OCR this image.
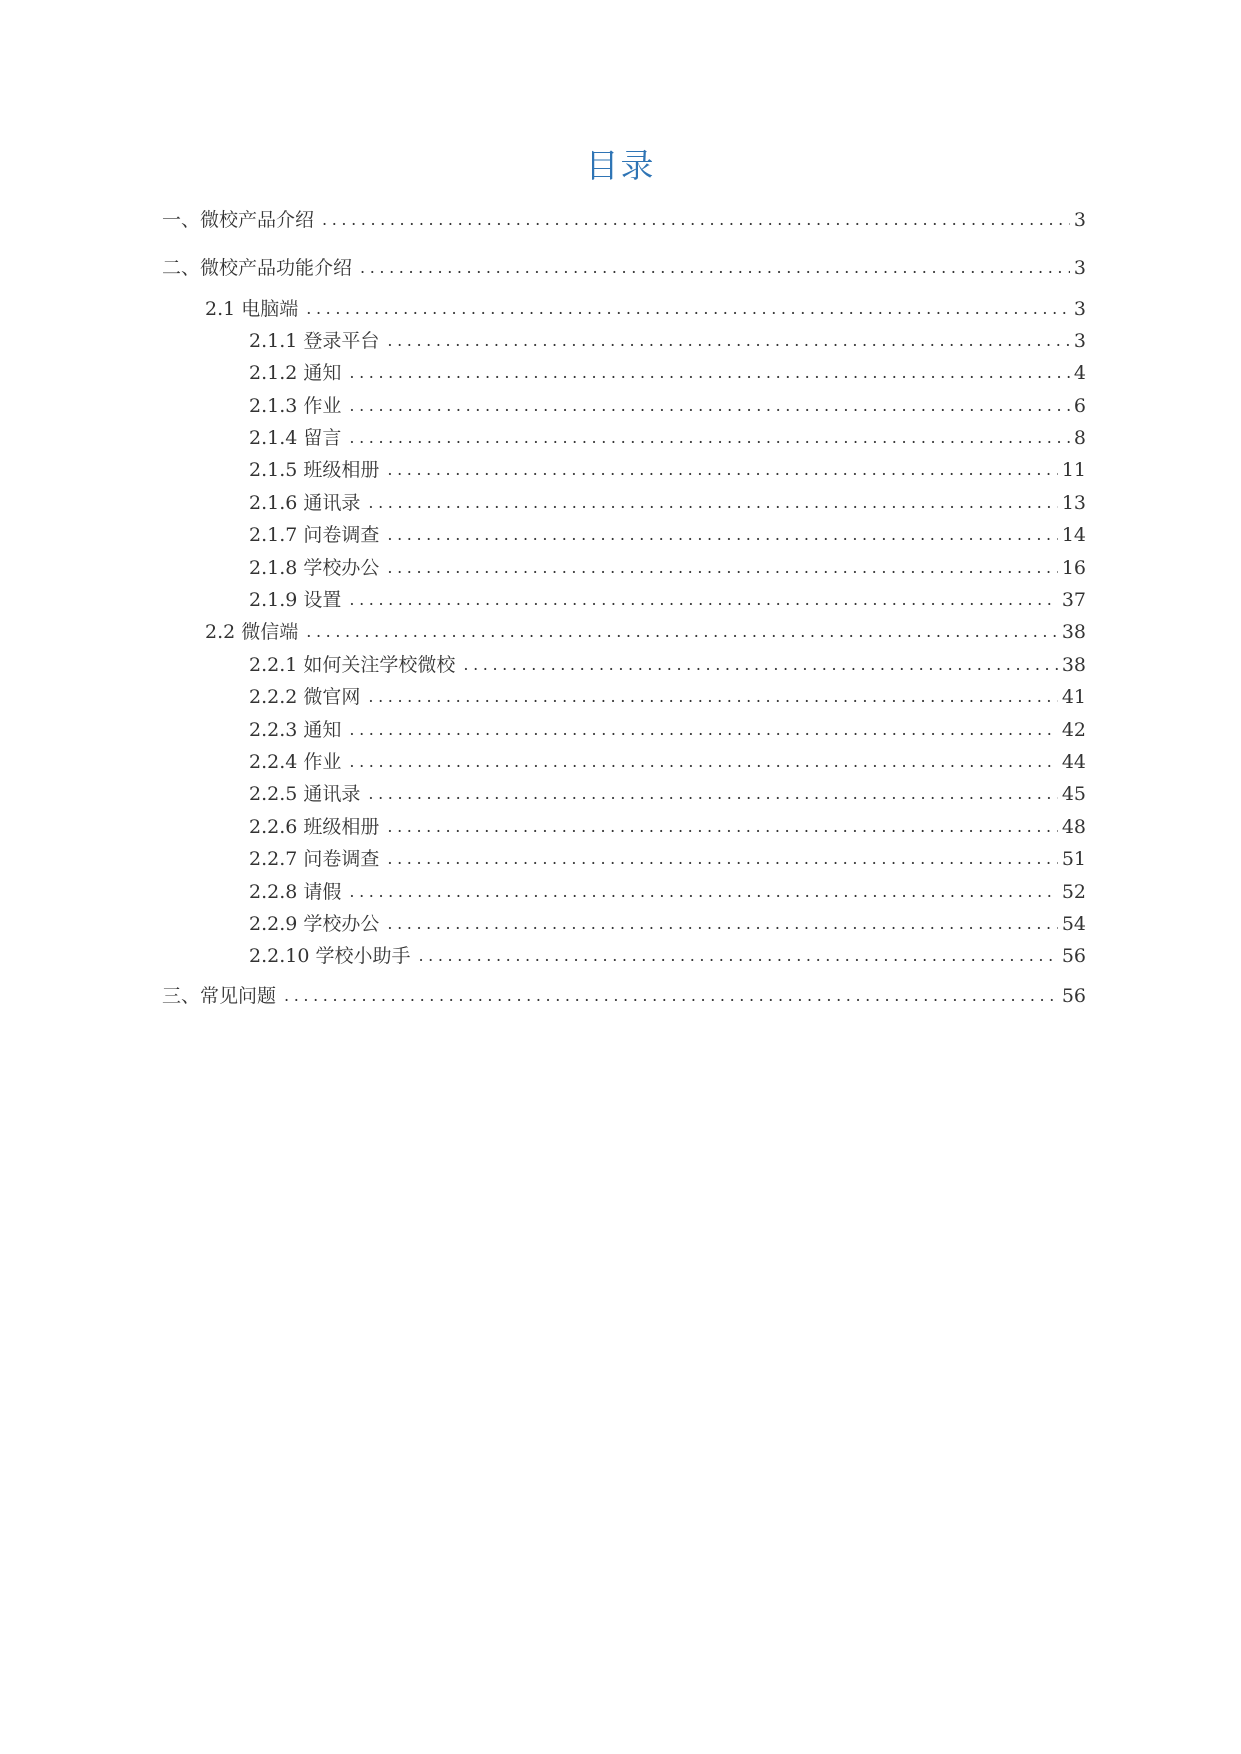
目录
一、微校产品介绍 .....	3
二、微校产品功能介绍 .....	3
2.1 电脑端 .....	3
2.1.1 登录平台 .....	3
2.1.2 通知 .....	4
2.1.3 作业 .....	6
2.1.4 留言 .....	8
2.1.5 班级相册 .....	11
2.1.6 通讯录 .....	13
2.1.7 问卷调查 .....	14
2.1.8 学校办公 .....	16
2.1.9 设置 .....	37
2.2 微信端 .....	38
2.2.1 如何关注学校微校 .....	38
2.2.2 微官网 .....	41
2.2.3 通知 .....	42
2.2.4 作业 .....	44
2.2.5 通讯录 .....	45
2.2.6 班级相册 .....	48
2.2.7 问卷调查 .....	51
2.2.8 请假 .....	52
2.2.9 学校办公 .....	54
2.2.10 学校小助手 .....	56
三、常见问题 .....	56
